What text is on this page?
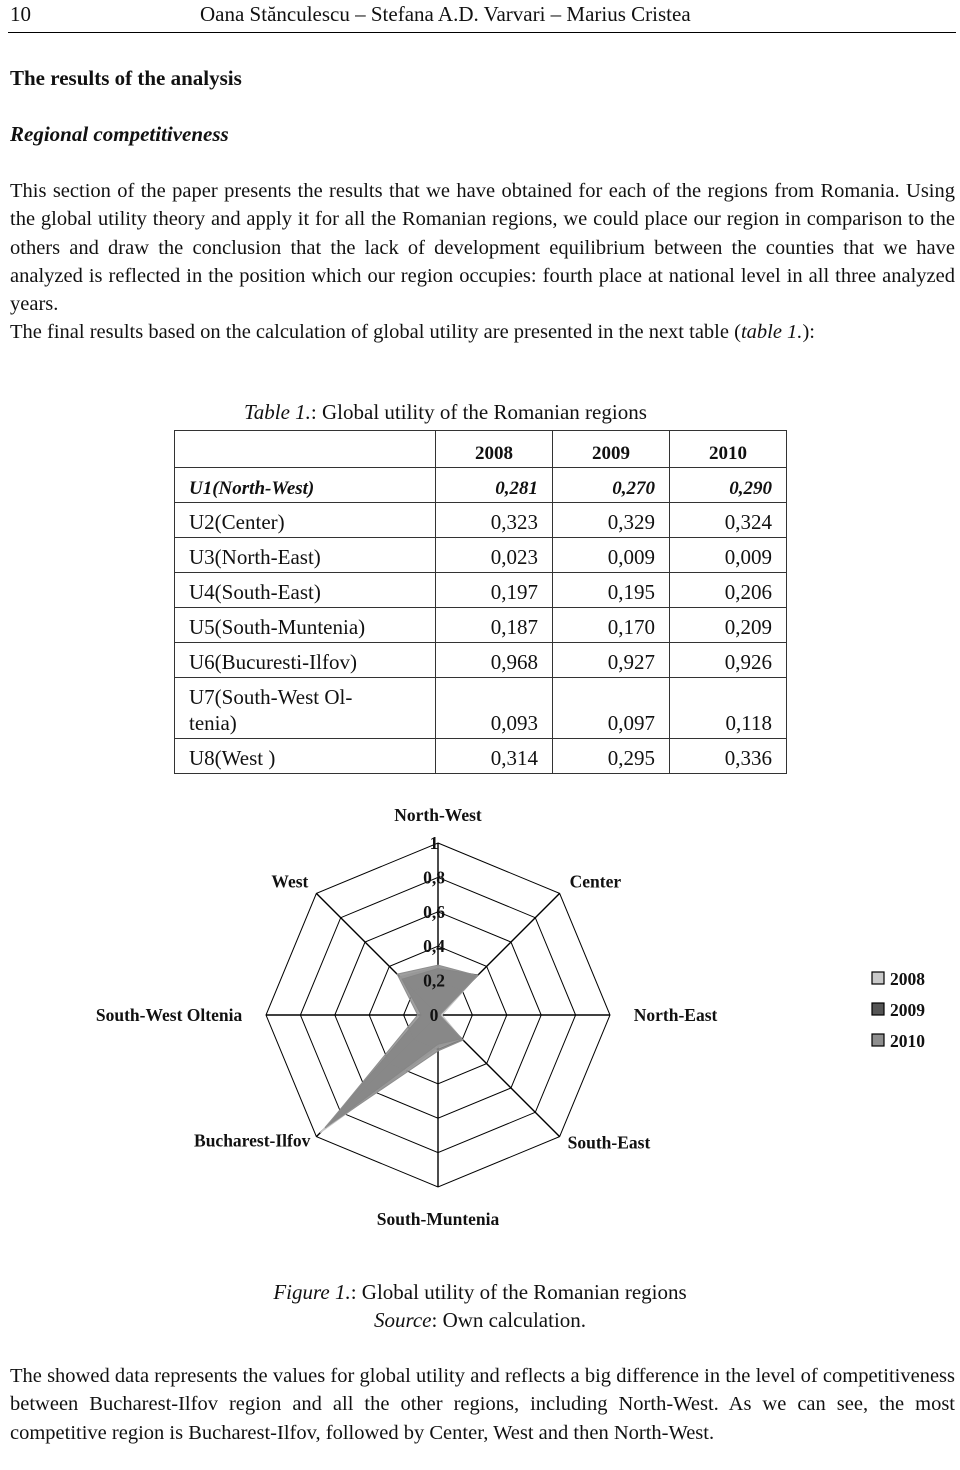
10	Oana Stănculescu – Stefana A.D. Varvari – Marius Cristea
The results of the analysis
Regional competitiveness

This section of the paper presents the results that we have obtained for each of the regions from Romania. Using the global utility theory and apply it for all the Romanian regions, we could place our region in comparison to the others and draw the conclusion that the lack of development equilibrium between the counties that we have analyzed is reflected in the position which our region occupies: fourth place at national level in all three analyzed years.

The final results based on the calculation of global utility are presented in the next table (table 1.):

Table 1.: Global utility of the Romanian regions
	2008	2009	2010
U1(North-West)	0,281	0,270	0,290
U2(Center)	0,323	0,329	0,324
U3(North-East)	0,023	0,009	0,009
U4(South-East)	0,197	0,195	0,206
U5(South-Muntenia)	0,187	0,170	0,209
U6(Bucuresti-Ilfov)	0,968	0,927	0,926
U7(South-West Ol-
tenia)	0,093	0,097	0,118
U8(West )	0,314	0,295	0,336
0
0,2
0,4
0,6
0,8
1
North-West
Center
North-East
South-East
South-Muntenia
Bucharest-Ilfov
South-West Oltenia
West
2008
2009
2010
Figure 1.: Global utility of the Romanian regions
Source: Own calculation.

The showed data represents the values for global utility and reflects a big difference in the level of competitiveness between Bucharest-Ilfov region and all the other regions, including North-West. As we can see, the most competitive region is Bucharest-Ilfov, followed by Center, West and then North-West.
